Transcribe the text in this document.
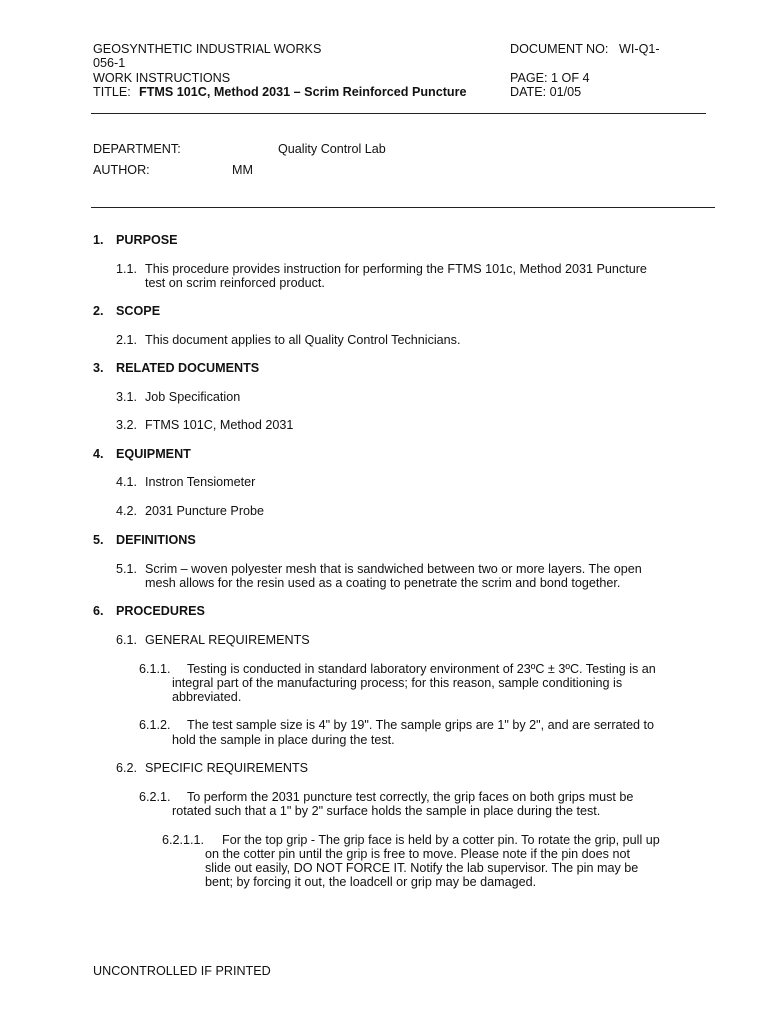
GEOSYNTHETIC INDUSTRIAL WORKS	DOCUMENT NO: WI-Q1-
056-1
WORK INSTRUCTIONS	PAGE: 1 OF 4
TITLE: FTMS 101C, Method 2031 – Scrim Reinforced Puncture	DATE: 01/05
DEPARTMENT:	Quality Control Lab
AUTHOR:	MM
1. PURPOSE
1.1. This procedure provides instruction for performing the FTMS 101c, Method 2031 Puncture
test on scrim reinforced product.
2. SCOPE
2.1. This document applies to all Quality Control Technicians.
3. RELATED DOCUMENTS
3.1. Job Specification
3.2. FTMS 101C, Method 2031
4. EQUIPMENT
4.1. Instron Tensiometer
4.2. 2031 Puncture Probe
5. DEFINITIONS
5.1. Scrim – woven polyester mesh that is sandwiched between two or more layers. The open
mesh allows for the resin used as a coating to penetrate the scrim and bond together.
6. PROCEDURES
6.1. GENERAL REQUIREMENTS
6.1.1. Testing is conducted in standard laboratory environment of 23ºC ± 3ºC. Testing is an
integral part of the manufacturing process; for this reason, sample conditioning is
abbreviated.
6.1.2. The test sample size is 4" by 19". The sample grips are 1" by 2", and are serrated to
hold the sample in place during the test.
6.2. SPECIFIC REQUIREMENTS
6.2.1. To perform the 2031 puncture test correctly, the grip faces on both grips must be
rotated such that a 1" by 2" surface holds the sample in place during the test.
6.2.1.1. For the top grip - The grip face is held by a cotter pin. To rotate the grip, pull up
on the cotter pin until the grip is free to move. Please note if the pin does not
slide out easily, DO NOT FORCE IT. Notify the lab supervisor. The pin may be
bent; by forcing it out, the loadcell or grip may be damaged.
UNCONTROLLED IF PRINTED
